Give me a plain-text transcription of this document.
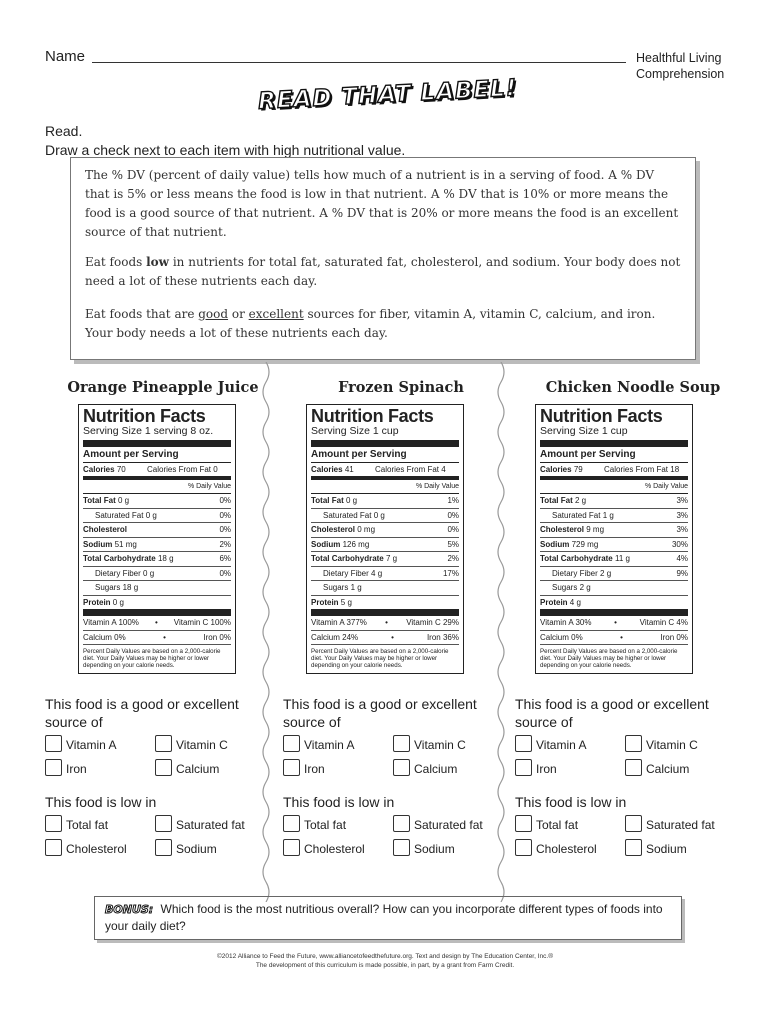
Name	Healthful Living
Comprehension
READ THAT LABEL!
Read.
Draw a check next to each item with high nutritional value.

The % DV (percent of daily value) tells how much of a nutrient is in a serving of food. A % DV that is 5% or less means the food is low in that nutrient. A % DV that is 10% or more means the food is a good source of that nutrient. A % DV that is 20% or more means the food is an excellent source of that nutrient.

Eat foods low in nutrients for total fat, saturated fat, cholesterol, and sodium. Your body does not need a lot of these nutrients each day.

Eat foods that are good or excellent sources for fiber, vitamin A, vitamin C, calcium, and iron. Your body needs a lot of these nutrients each day.

Orange Pineapple Juice
Nutrition Facts
Serving Size 1 serving 8 oz.
Amount per Serving
Calories 70	Calories From Fat 0
% Daily Value
Total Fat 0 g	0%
Saturated Fat 0 g	0%
Cholesterol	0%
Sodium 51 mg	2%
Total Carbohydrate 18 g	6%
Dietary Fiber 0 g	0%
Sugars 18 g
Protein 0 g
Vitamin A 100% • Vitamin C 100%
Calcium 0%	•	Iron 0%
Percent Daily Values are based on a 2,000-calorie diet. Your Daily Values may be higher or lower depending on your calorie needs.
This food is a good or excellent source of
Vitamin A	Vitamin C
Iron	Calcium
This food is low in
Total fat	Saturated fat
Cholesterol	Sodium
Frozen Spinach
Nutrition Facts
Serving Size 1 cup
Amount per Serving
Calories 41	Calories From Fat 4
% Daily Value
Total Fat 0 g	1%
Saturated Fat 0 g	0%
Cholesterol 0 mg	0%
Sodium 126 mg	5%
Total Carbohydrate 7 g	2%
Dietary Fiber 4 g	17%
Sugars 1 g
Protein 5 g
Vitamin A 377% • Vitamin C 29%
Calcium 24%	•	Iron 36%
Percent Daily Values are based on a 2,000-calorie diet. Your Daily Values may be higher or lower depending on your calorie needs.
This food is a good or excellent source of
Vitamin A	Vitamin C
Iron	Calcium
This food is low in
Total fat	Saturated fat
Cholesterol	Sodium
Chicken Noodle Soup
Nutrition Facts
Serving Size 1 cup
Amount per Serving
Calories 79	Calories From Fat 18
% Daily Value
Total Fat 2 g	3%
Saturated Fat 1 g	3%
Cholesterol 9 mg	3%
Sodium 729 mg	30%
Total Carbohydrate 11 g	4%
Dietary Fiber 2 g	9%
Sugars 2 g
Protein 4 g
Vitamin A 30%	•	Vitamin C 4%
Calcium 0%	•	Iron 0%
Percent Daily Values are based on a 2,000-calorie diet. Your Daily Values may be higher or lower depending on your calorie needs.
This food is a good or excellent source of
Vitamin A	Vitamin C
Iron	Calcium
This food is low in
Total fat	Saturated fat
Cholesterol	Sodium
BONUS: Which food is the most nutritious overall? How can you incorporate different types of foods into your daily diet?
©2012 Alliance to Feed the Future, www.alliancetofeedthefuture.org. Text and design by The Education Center, Inc.®
The development of this curriculum is made possible, in part, by a grant from Farm Credit.
